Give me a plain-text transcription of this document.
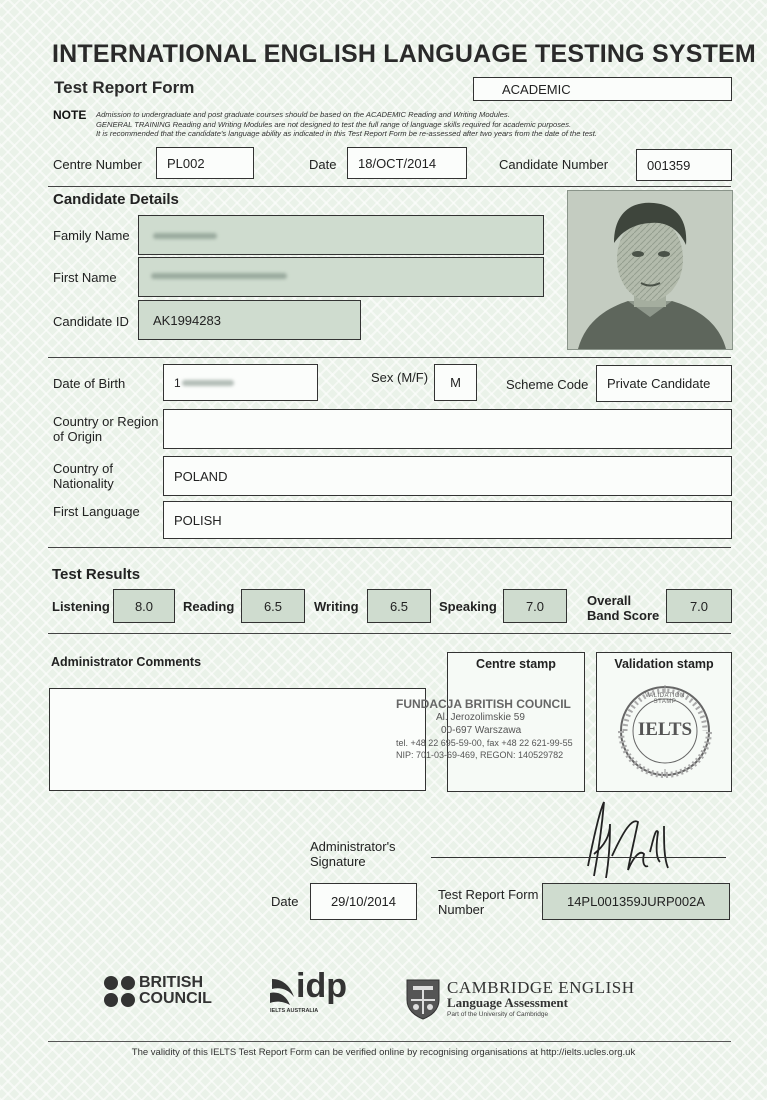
INTERNATIONAL ENGLISH LANGUAGE TESTING SYSTEM
Test Report Form	ACADEMIC
NOTE Admission to undergraduate and post graduate courses should be based on the ACADEMIC Reading and Writing Modules.
GENERAL TRAINING Reading and Writing Modules are not designed to test the full range of language skills required for academic purposes.
It is recommended that the candidate's language ability as indicated in this Test Report Form be re-assessed after two years from the date of the test.
Centre Number PL002	Date 18/OCT/2014	Candidate Number	001359
Candidate Details
Family Name
First Name
Candidate ID AK1994283
Date of Birth	1	Sex (M/F) M	Scheme Code Private Candidate
Country or Region
of Origin
Country of
Nationality	POLAND
First Language
POLISH
Test Results
Listening 8.0 Reading 6.5 Writing 6.5 Speaking 7.0	Overall
Band Score
7.0
Administrator Comments	Centre stamp
FUNDACJA BRITISH COUNCIL
Al. Jerozolimskie 59
00-697 Warszawa
tel. +48 22 695-59-00, fax +48 22 621-99-55
NIP: 701-03-69-469, REGON: 140529782
Validation stamp
IELTS
VALIDATION STAMP
Administrator's
Signature
Date 29/10/2014	Test Report Form
Number
14PL001359JURP002A
BRITISH
COUNCIL idp
IELTS AUSTRALIA
CAMBRIDGE ENGLISH
Language Assessment
Part of the University of Cambridge
The validity of this IELTS Test Report Form can be verified online by recognising organisations at http://ielts.ucles.org.uk
